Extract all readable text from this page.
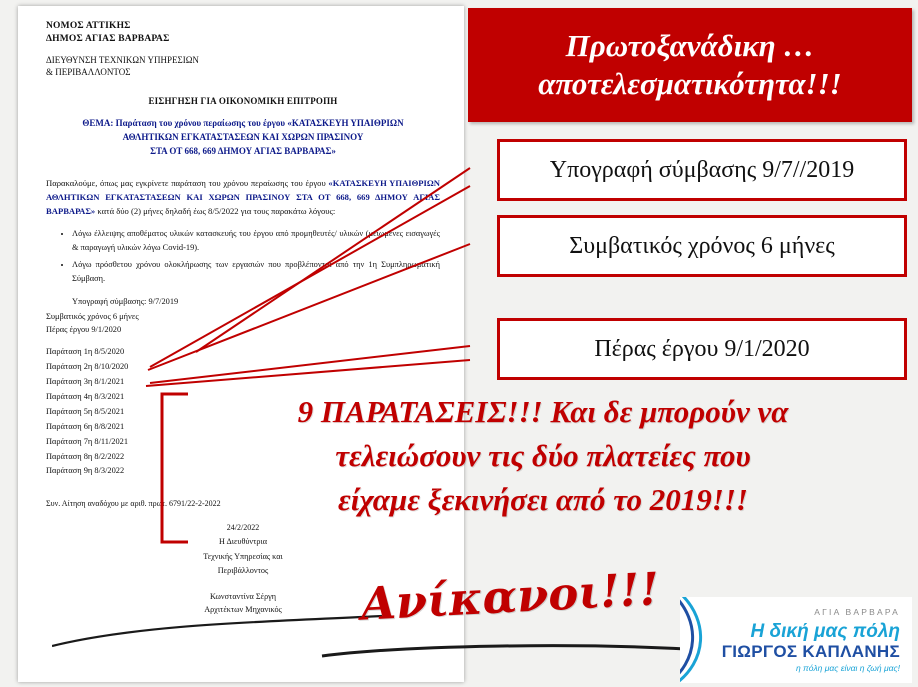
ΝΟΜΟΣ ΑΤΤΙΚΗΣ
ΔΗΜΟΣ ΑΓΙΑΣ ΒΑΡΒΑΡΑΣ
ΔΙΕΥΘΥΝΣΗ ΤΕΧΝΙΚΩΝ ΥΠΗΡΕΣΙΩΝ
& ΠΕΡΙΒΑΛΛΟΝΤΟΣ
ΕΙΣΗΓΗΣΗ ΓΙΑ ΟΙΚΟΝΟΜΙΚΗ ΕΠΙΤΡΟΠΗ
ΘΕΜΑ: Παράταση του χρόνου περαίωσης του έργου «ΚΑΤΑΣΚΕΥΗ ΥΠΑΙΘΡΙΩΝ
ΑΘΛΗΤΙΚΩΝ ΕΓΚΑΤΑΣΤΑΣΕΩΝ ΚΑΙ ΧΩΡΩΝ ΠΡΑΣΙΝΟΥ
ΣΤΑ ΟΤ 668, 669 ΔΗΜΟΥ ΑΓΙΑΣ ΒΑΡΒΑΡΑΣ»
Παρακαλούμε, όπως μας εγκρίνετε παράταση του χρόνου περαίωσης του έργου «ΚΑΤΑΣΚΕΥΗ ΥΠΑΙΘΡΙΩΝ ΑΘΛΗΤΙΚΩΝ ΕΓΚΑΤΑΣΤΑΣΕΩΝ ΚΑΙ ΧΩΡΩΝ ΠΡΑΣΙΝΟΥ ΣΤΑ ΟΤ 668, 669 ΔΗΜΟΥ ΑΓΙΑΣ ΒΑΡΒΑΡΑΣ» κατά δύο (2) μήνες δηλαδή έως 8/5/2022 για τους παρακάτω λόγους:
• Λόγω έλλειψης αποθέματος υλικών κατασκευής του έργου από προμηθευτές/ υλικών (μειωμένες εισαγωγές & παραγωγή υλικών λόγω Covid-19).
• Λόγω πρόσθετου χρόνου ολοκλήρωσης των εργασιών που προβλέπονται από την 1η Συμπληρωματική Σύμβαση.
Υπογραφή σύμβασης: 9/7/2019
Συμβατικός χρόνος 6 μήνες
Πέρας έργου 9/1/2020
Παράταση 1η 8/5/2020
Παράταση 2η 8/10/2020
Παράταση 3η 8/1/2021
Παράταση 4η 8/3/2021
Παράταση 5η 8/5/2021
Παράταση 6η 8/8/2021
Παράταση 7η 8/11/2021
Παράταση 8η 8/2/2022
Παράταση 9η 8/3/2022
Συν. Αίτηση αναδόχου με αριθ. πρωτ. 6791/22-2-2022
24/2/2022
Η Διευθύντρια
Τεχνικής Υπηρεσίας και
Περιβάλλοντος
Κωνσταντίνα Σέργη
Αρχιτέκτων Μηχανικός
Πρωτοξανάδικη …
αποτελεσματικότητα!!!
Υπογραφή σύμβασης 9/7//2019
Συμβατικός χρόνος 6 μήνες
Πέρας έργου 9/1/2020
9 ΠΑΡΑΤΑΣΕΙΣ!!! Και δε μπορούν να
τελειώσουν τις δύο πλατείες που
είχαμε ξεκινήσει από το 2019!!!
Ανίκανοι!!!	ΑΓΙΑ ΒΑΡΒΑΡΑ
Η δική μας πόλη
ΓΙΩΡΓΟΣ ΚΑΠΛΑΝΗΣ
η πόλη μας είναι η ζωή μας!
